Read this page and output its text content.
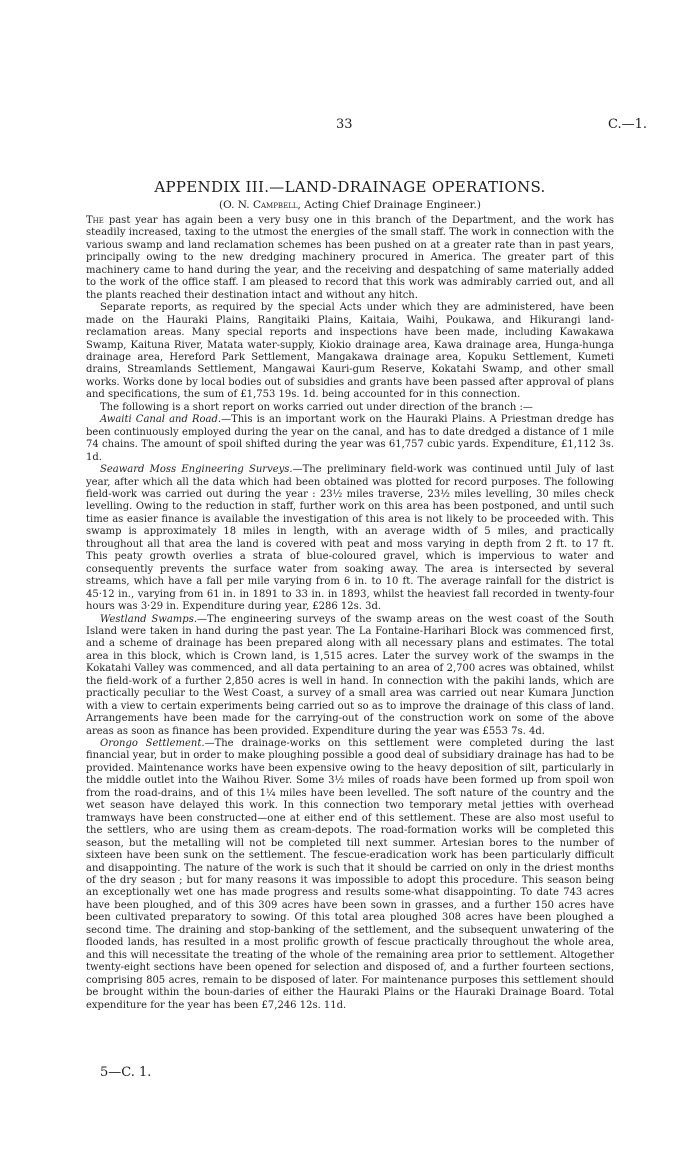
33	C.—1.
APPENDIX III.—LAND-DRAINAGE OPERATIONS.
(O. N. Campbell, Acting Chief Drainage Engineer.)

The past year has again been a very busy one in this branch of the Department, and the work has steadily increased, taxing to the utmost the energies of the small staff. The work in connection with the various swamp and land reclamation schemes has been pushed on at a greater rate than in past years, principally owing to the new dredging machinery procured in America. The greater part of this machinery came to hand during the year, and the receiving and despatching of same materially added to the work of the office staff. I am pleased to record that this work was admirably carried out, and all the plants reached their destination intact and without any hitch.

Separate reports, as required by the special Acts under which they are administered, have been made on the Hauraki Plains, Rangitaiki Plains, Kaitaia, Waihi, Poukawa, and Hikurangi land-reclamation areas. Many special reports and inspections have been made, including Kawakawa Swamp, Kaituna River, Matata water-supply, Kiokio drainage area, Kawa drainage area, Hunga-hunga drainage area, Hereford Park Settlement, Mangakawa drainage area, Kopuku Settlement, Kumeti drains, Streamlands Settlement, Mangawai Kauri-gum Reserve, Kokatahi Swamp, and other small works. Works done by local bodies out of subsidies and grants have been passed after approval of plans and specifications, the sum of £1,753 19s. 1d. being accounted for in this connection.

The following is a short report on works carried out under direction of the branch :—

Awaiti Canal and Road.—This is an important work on the Hauraki Plains. A Priestman dredge has been continuously employed during the year on the canal, and has to date dredged a distance of 1 mile 74 chains. The amount of spoil shifted during the year was 61,757 cubic yards. Expenditure, £1,112 3s. 1d.

Seaward Moss Engineering Surveys.—The preliminary field-work was continued until July of last year, after which all the data which had been obtained was plotted for record purposes. The following field-work was carried out during the year : 23½ miles traverse, 23½ miles levelling, 30 miles check levelling. Owing to the reduction in staff, further work on this area has been postponed, and until such time as easier finance is available the investigation of this area is not likely to be proceeded with. This swamp is approximately 18 miles in length, with an average width of 5 miles, and practically throughout all that area the land is covered with peat and moss varying in depth from 2 ft. to 17 ft. This peaty growth overlies a strata of blue-coloured gravel, which is impervious to water and consequently prevents the surface water from soaking away. The area is intersected by several streams, which have a fall per mile varying from 6 in. to 10 ft. The average rainfall for the district is 45·12 in., varying from 61 in. in 1891 to 33 in. in 1893, whilst the heaviest fall recorded in twenty-four hours was 3·29 in. Expenditure during year, £286 12s. 3d.

Westland Swamps.—The engineering surveys of the swamp areas on the west coast of the South Island were taken in hand during the past year. The La Fontaine-Harihari Block was commenced first, and a scheme of drainage has been prepared along with all necessary plans and estimates. The total area in this block, which is Crown land, is 1,515 acres. Later the survey work of the swamps in the Kokatahi Valley was commenced, and all data pertaining to an area of 2,700 acres was obtained, whilst the field-work of a further 2,850 acres is well in hand. In connection with the pakihi lands, which are practically peculiar to the West Coast, a survey of a small area was carried out near Kumara Junction with a view to certain experiments being carried out so as to improve the drainage of this class of land. Arrangements have been made for the carrying-out of the construction work on some of the above areas as soon as finance has been provided. Expenditure during the year was £553 7s. 4d.

Orongo Settlement.—The drainage-works on this settlement were completed during the last financial year, but in order to make ploughing possible a good deal of subsidiary drainage has had to be provided. Maintenance works have been expensive owing to the heavy deposition of silt, particularly in the middle outlet into the Waihou River. Some 3½ miles of roads have been formed up from spoil won from the road-drains, and of this 1¼ miles have been levelled. The soft nature of the country and the wet season have delayed this work. In this connection two temporary metal jetties with overhead tramways have been constructed—one at either end of this settlement. These are also most useful to the settlers, who are using them as cream-depots. The road-formation works will be completed this season, but the metalling will not be completed till next summer. Artesian bores to the number of sixteen have been sunk on the settlement. The fescue-eradication work has been particularly difficult and disappointing. The nature of the work is such that it should be carried on only in the driest months of the dry season ; but for many reasons it was impossible to adopt this procedure. This season being an exceptionally wet one has made progress and results some-what disappointing. To date 743 acres have been ploughed, and of this 309 acres have been sown in grasses, and a further 150 acres have been cultivated preparatory to sowing. Of this total area ploughed 308 acres have been ploughed a second time. The draining and stop-banking of the settlement, and the subsequent unwatering of the flooded lands, has resulted in a most prolific growth of fescue practically throughout the whole area, and this will necessitate the treating of the whole of the remaining area prior to settlement. Altogether twenty-eight sections have been opened for selection and disposed of, and a further fourteen sections, comprising 805 acres, remain to be disposed of later. For maintenance purposes this settlement should be brought within the boun-daries of either the Hauraki Plains or the Hauraki Drainage Board. Total expenditure for the year has been £7,246 12s. 11d.

5—C. 1.
